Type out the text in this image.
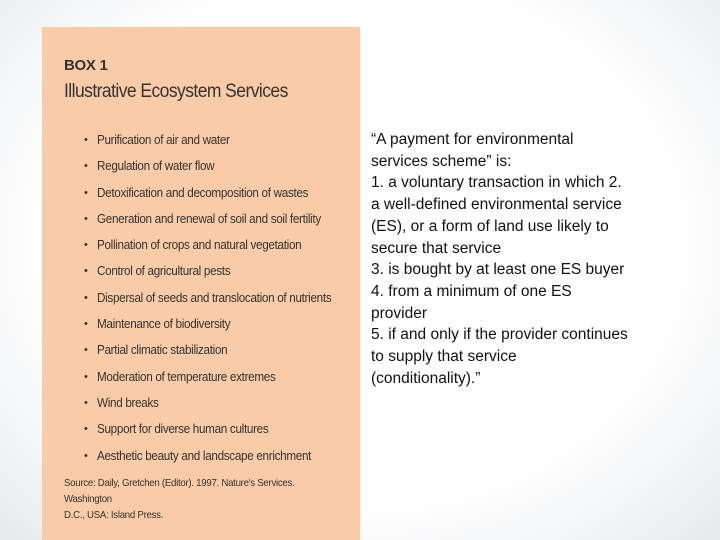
BOX 1
Illustrative Ecosystem Services
• Purification of air and water
• Regulation of water flow
• Detoxification and decomposition of wastes
• Generation and renewal of soil and soil fertility
• Pollination of crops and natural vegetation
• Control of agricultural pests
• Dispersal of seeds and translocation of nutrients
• Maintenance of biodiversity
• Partial climatic stabilization
• Moderation of temperature extremes
• Wind breaks
• Support for diverse human cultures
• Aesthetic beauty and landscape enrichment
Source: Daily, Gretchen (Editor). 1997. Nature's Services. Washington
D.C., USA: Island Press.

“A payment for environmental

services scheme” is:

1. a voluntary transaction in which 2.

a well-defined environmental service

(ES), or a form of land use likely to

secure that service

3. is bought by at least one ES buyer

4. from a minimum of one ES

provider

5. if and only if the provider continues

to supply that service

(conditionality).”
